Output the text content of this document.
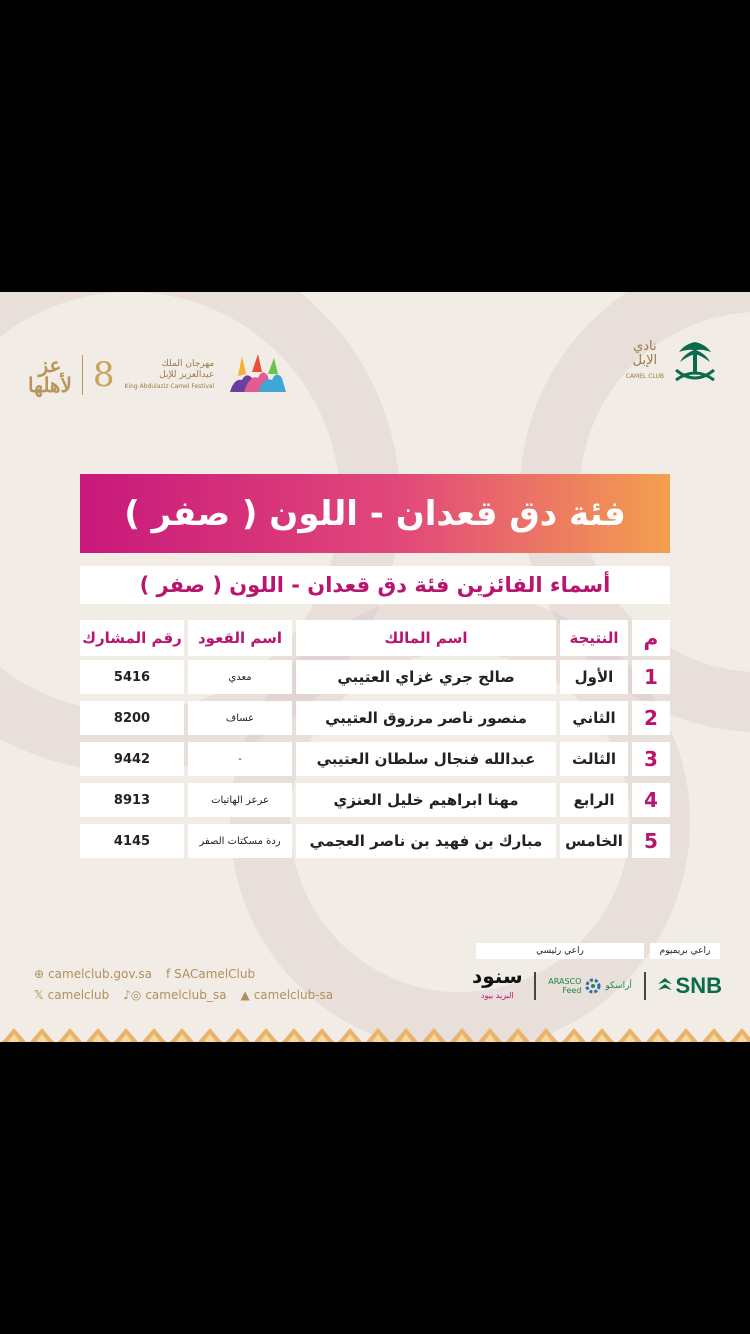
عز
لأهلها 8	مهرجان الملك
عبدالعزيز للإبل
King Abdulaziz Camel Festival
نادي
الإبل
CAMEL CLUB
فئة دق قعدان - اللون ( صفر )
أسماء الفائزين فئة دق قعدان - اللون ( صفر )
م
النتيجة
اسم المالك
اسم القعود
رقم المشارك
1
الأول
صالح جري غزاي العتيبي
معدي
5416
2
الثاني
منصور ناصر مرزوق العتيبي
عساف
8200
3
الثالث
عبدالله فنجال سلطان العتيبي
-
9442
4
الرابع
مهنا ابراهيم خليل العنزي
عرعر الهاتيات
8913
5
الخامس
مبارك بن فهيد بن ناصر العجمي
ردة مسكتات الصفر
4145
راعي بريميوم
راعي رئيسي
SNB
أراسكو
ARASCO
Feed
سنود
البريد بيود
⊕ camelclub.gov.sa f SACamelClub
𝕏 camelclub ♪◎ camelclub_sa ▲ camelclub-sa
